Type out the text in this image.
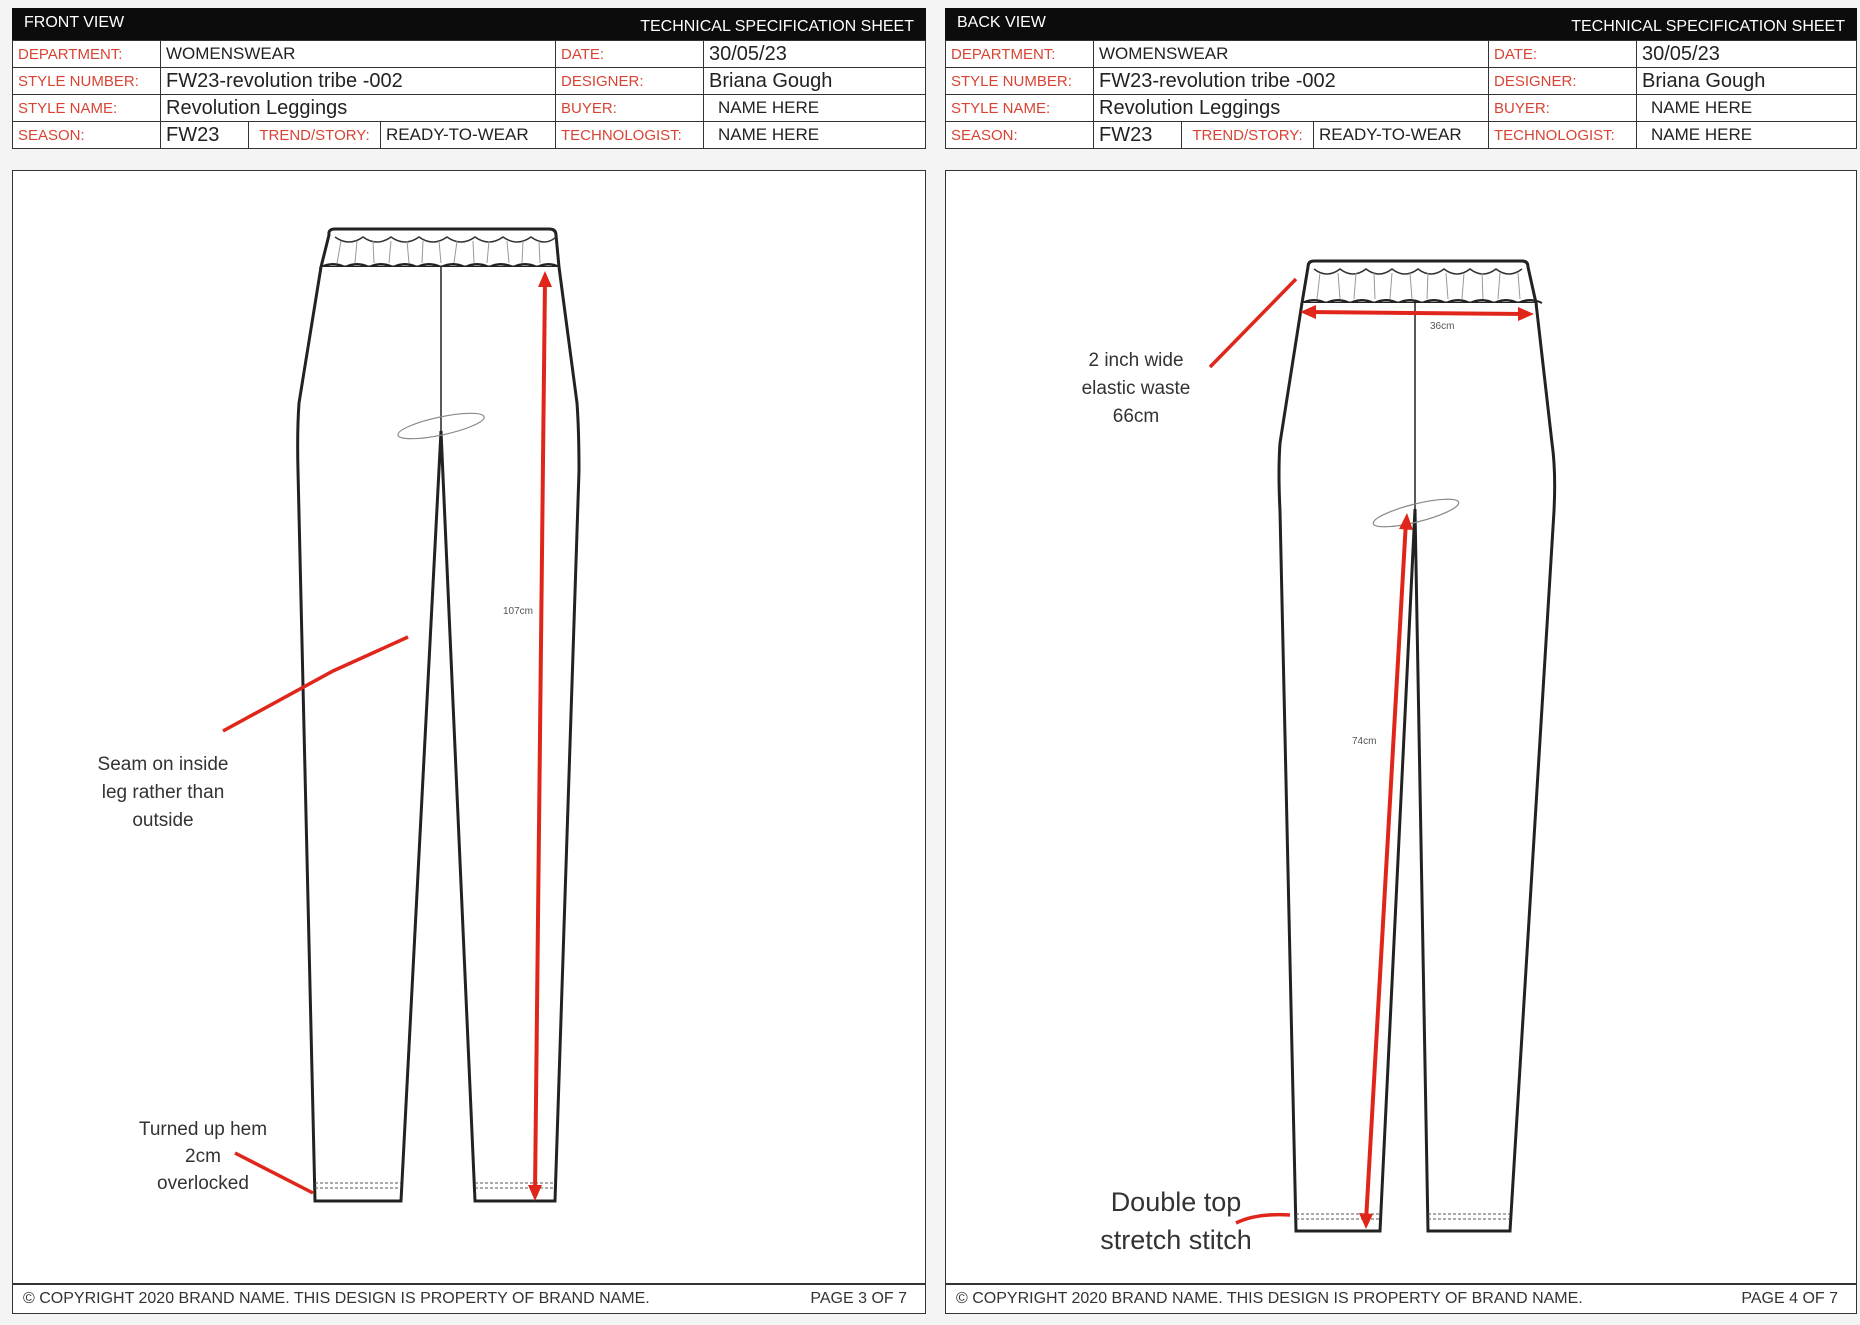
FRONT VIEW	TECHNICAL SPECIFICATION SHEET
DEPARTMENT:	WOMENSWEAR			DATE:	30/05/23
STYLE NUMBER:	FW23-revolution tribe -002			DESIGNER:	Briana Gough
STYLE NAME:	Revolution Leggings			BUYER:	NAME HERE
SEASON:	FW23	TREND/STORY:	READY-TO-WEAR	TECHNOLOGIST:	NAME HERE
107cm
Seam on inside
leg rather than
outside
Turned up hem
2cm
overlocked
© COPYRIGHT 2020 BRAND NAME. THIS DESIGN IS PROPERTY OF BRAND NAME.	PAGE 3 OF 7
BACK VIEW	TECHNICAL SPECIFICATION SHEET
DEPARTMENT:	WOMENSWEAR			DATE:	30/05/23
STYLE NUMBER:	FW23-revolution tribe -002			DESIGNER:	Briana Gough
STYLE NAME:	Revolution Leggings			BUYER:	NAME HERE
SEASON:	FW23	TREND/STORY:	READY-TO-WEAR	TECHNOLOGIST:	NAME HERE
36cm
74cm
2 inch wide
elastic waste
66cm
Double top
stretch stitch
© COPYRIGHT 2020 BRAND NAME. THIS DESIGN IS PROPERTY OF BRAND NAME.	PAGE 4 OF 7
